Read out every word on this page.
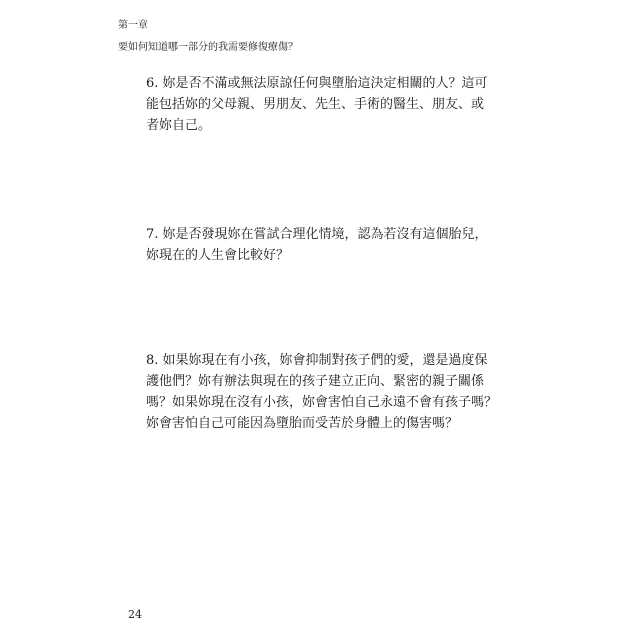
第一章
要如何知道哪一部分的我需要修復療傷？
6. 妳是否不滿或無法原諒任何與墮胎這決定相關的人？這可
能包括妳的父母親、男朋友、先生、手術的醫生、朋友、或
者妳自己。
7. 妳是否發現妳在嘗試合理化情境，認為若沒有這個胎兒，
妳現在的人生會比較好？
8. 如果妳現在有小孩，妳會抑制對孩子們的愛，還是過度保
護他們？妳有辦法與現在的孩子建立正向、緊密的親子關係
嗎？如果妳現在沒有小孩，妳會害怕自己永遠不會有孩子嗎？
妳會害怕自己可能因為墮胎而受苦於身體上的傷害嗎？
24
